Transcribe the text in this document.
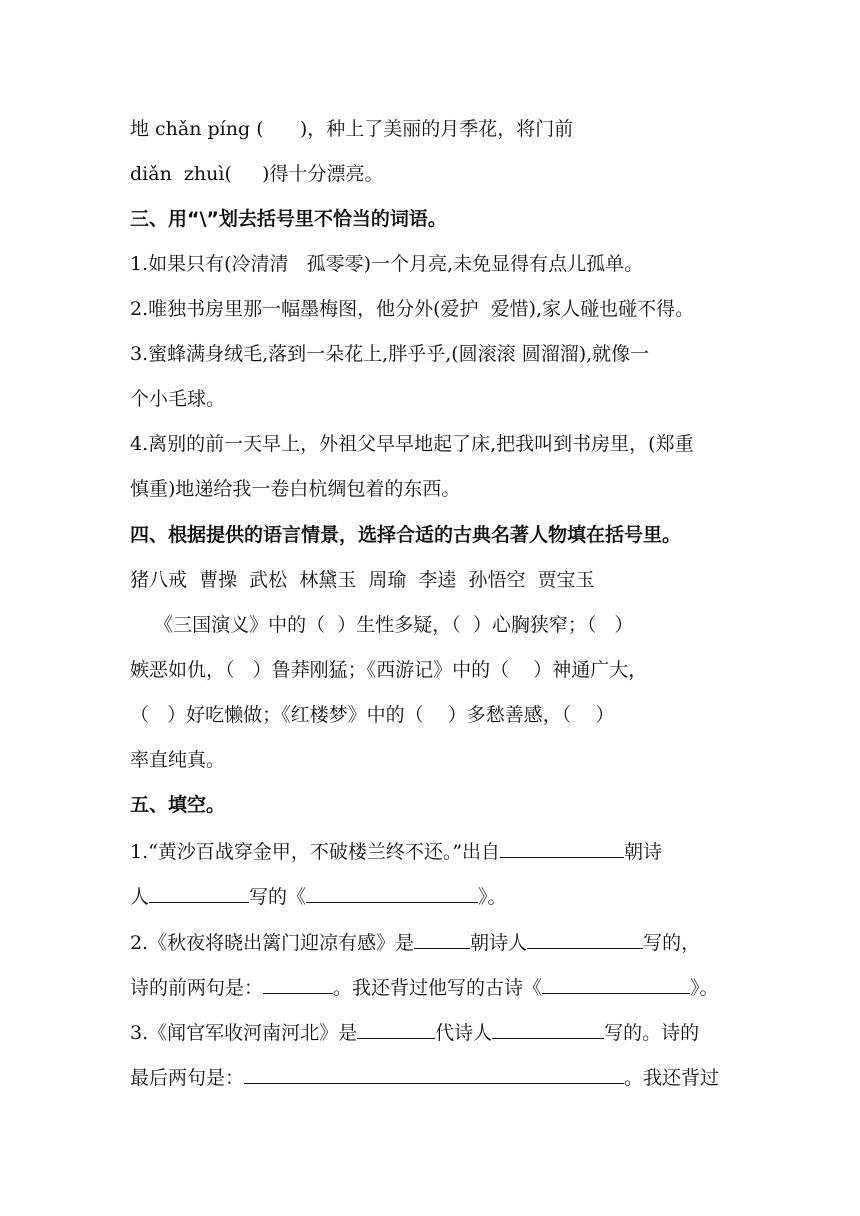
地 chǎn píng (      )，种上了美丽的月季花，将门前
diǎn  zhuì(     )得十分漂亮。
三、用“\”划去括号里不恰当的词语。
1.如果只有(冷清清   孤零零)一个月亮,未免显得有点儿孤单。
2.唯独书房里那一幅墨梅图，他分外(爱护  爱惜),家人碰也碰不得。
3.蜜蜂满身绒毛,落到一朵花上,胖乎乎,(圆滚滚 圆溜溜),就像一
个小毛球。
4.离别的前一天早上，外祖父早早地起了床,把我叫到书房里，(郑重
慎重)地递给我一卷白杭绸包着的东西。
四、根据提供的语言情景，选择合适的古典名著人物填在括号里。
猪八戒  曹操  武松  林黛玉  周瑜  李逵  孙悟空  贾宝玉
《三国演义》中的（  ）生性多疑，（  ）心胸狭窄；（   ）
嫉恶如仇，（   ）鲁莽刚猛；《西游记》中的（    ）神通广大，
（   ）好吃懒做；《红楼梦》中的（    ）多愁善感，（    ）
率直纯真。
五、填空。
1.“黄沙百战穿金甲，不破楼兰终不还。”出自	朝诗
人	写的《	》。
2.《秋夜将晓出篱门迎凉有感》是	朝诗人	写的，
诗的前两句是：	。我还背过他写的古诗《	》。
3.《闻官军收河南河北》是	代诗人	写的。诗的
最后两句是：	。我还背过
